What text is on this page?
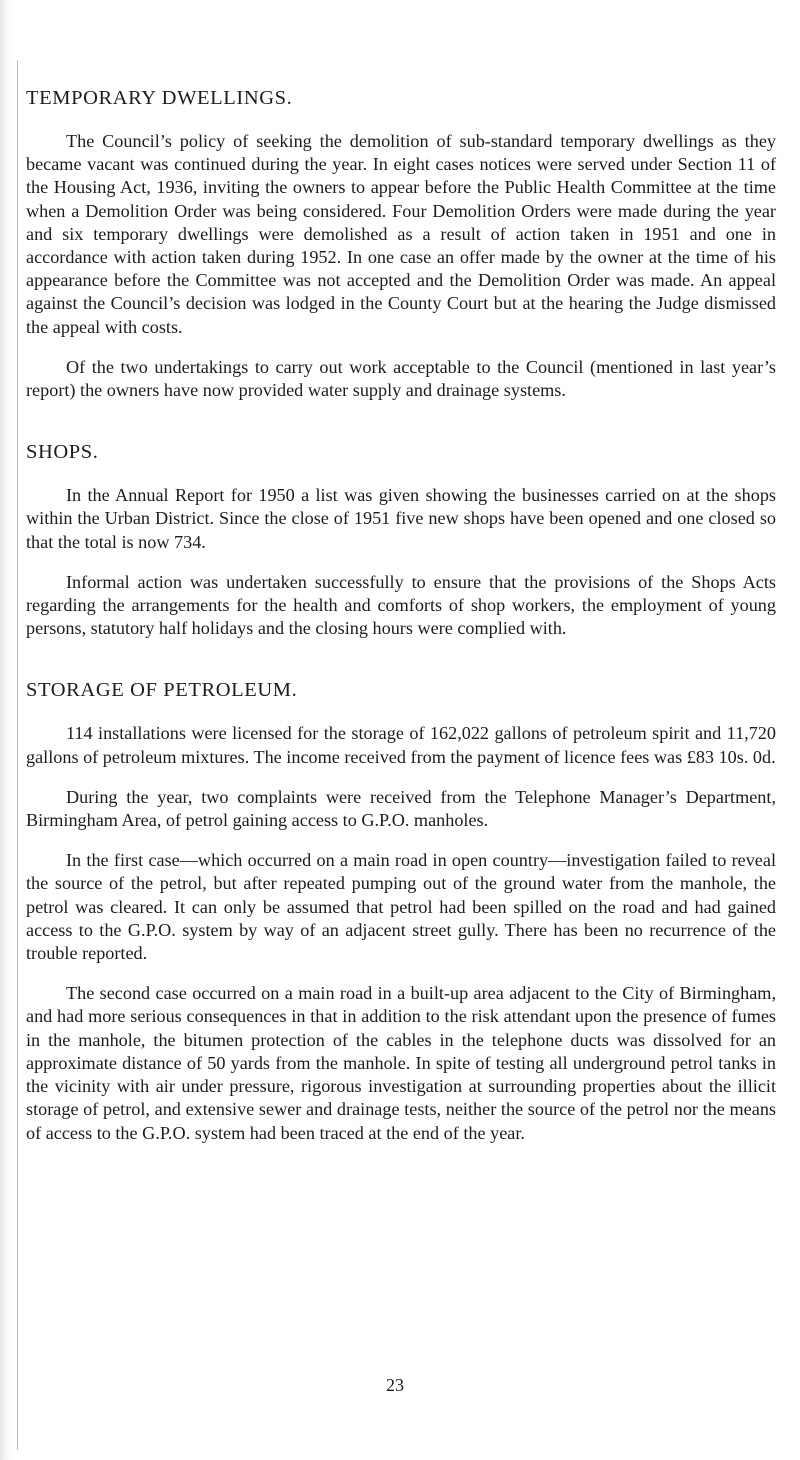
TEMPORARY DWELLINGS.

The Council’s policy of seeking the demolition of sub-standard temporary dwellings as they became vacant was continued during the year. In eight cases notices were served under Section 11 of the Housing Act, 1936, inviting the owners to appear before the Public Health Committee at the time when a Demolition Order was being considered. Four Demolition Orders were made during the year and six temporary dwellings were demolished as a result of action taken in 1951 and one in accordance with action taken during 1952. In one case an offer made by the owner at the time of his appearance before the Committee was not accepted and the Demolition Order was made. An appeal against the Council’s decision was lodged in the County Court but at the hearing the Judge dismissed the appeal with costs.

Of the two undertakings to carry out work acceptable to the Council (mentioned in last year’s report) the owners have now provided water supply and drainage systems.

SHOPS.

In the Annual Report for 1950 a list was given showing the businesses carried on at the shops within the Urban District. Since the close of 1951 five new shops have been opened and one closed so that the total is now 734.

Informal action was undertaken successfully to ensure that the provisions of the Shops Acts regarding the arrangements for the health and comforts of shop workers, the employment of young persons, statutory half holidays and the closing hours were complied with.

STORAGE OF PETROLEUM.

114 installations were licensed for the storage of 162,022 gallons of petroleum spirit and 11,720 gallons of petroleum mixtures. The income received from the payment of licence fees was £83 10s. 0d.

During the year, two complaints were received from the Telephone Manager’s Department, Birmingham Area, of petrol gaining access to G.P.O. manholes.

In the first case—which occurred on a main road in open country—investigation failed to reveal the source of the petrol, but after repeated pumping out of the ground water from the manhole, the petrol was cleared. It can only be assumed that petrol had been spilled on the road and had gained access to the G.P.O. system by way of an adjacent street gully. There has been no recurrence of the trouble reported.

The second case occurred on a main road in a built-up area adjacent to the City of Birmingham, and had more serious consequences in that in addition to the risk attendant upon the presence of fumes in the manhole, the bitumen protection of the cables in the telephone ducts was dissolved for an approximate distance of 50 yards from the manhole. In spite of testing all underground petrol tanks in the vicinity with air under pressure, rigorous investigation at surrounding properties about the illicit storage of petrol, and extensive sewer and drainage tests, neither the source of the petrol nor the means of access to the G.P.O. system had been traced at the end of the year.

23
